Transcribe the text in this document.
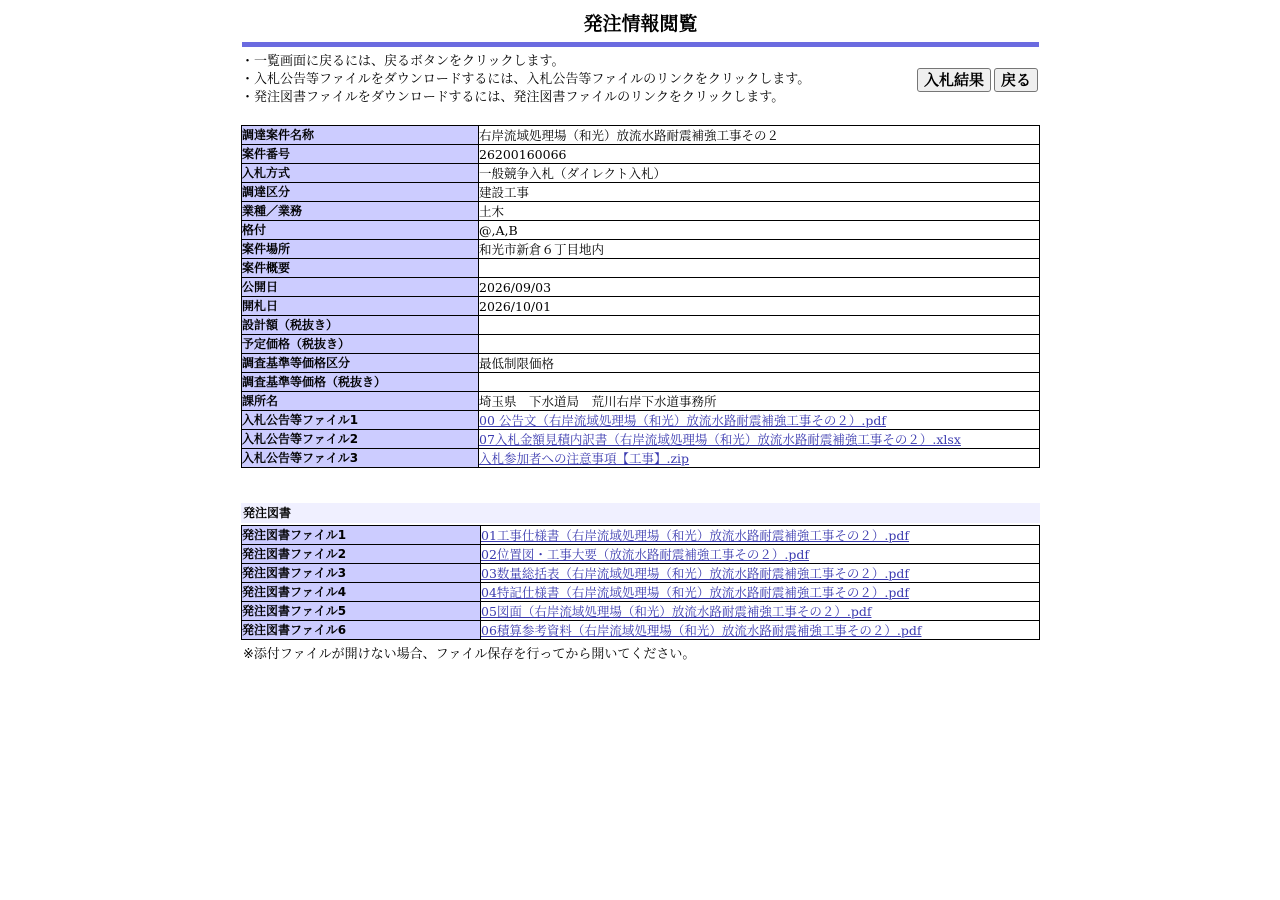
発注情報閲覧
・一覧画面に戻るには、戻るボタンをクリックします。
・入札公告等ファイルをダウンロードするには、入札公告等ファイルのリンクをクリックします。
・発注図書ファイルをダウンロードするには、発注図書ファイルのリンクをクリックします。
入札結果	戻る
調達案件名称	右岸流域処理場（和光）放流水路耐震補強工事その２
案件番号	26200160066
入札方式	一般競争入札（ダイレクト入札）
調達区分	建設工事
業種／業務	土木
格付	@,A,B
案件場所	和光市新倉６丁目地内
案件概要	
公開日	2026/09/03
開札日	2026/10/01
設計額（税抜き）	
予定価格（税抜き）	
調査基準等価格区分	最低制限価格
調査基準等価格（税抜き）	
課所名	埼玉県　下水道局　荒川右岸下水道事務所
入札公告等ファイル1	00 公告文（右岸流域処理場（和光）放流水路耐震補強工事その２）.pdf
入札公告等ファイル2	07入札金額見積内訳書（右岸流域処理場（和光）放流水路耐震補強工事その２）.xlsx
入札公告等ファイル3	入札参加者への注意事項【工事】.zip
発注図書
発注図書ファイル1	01工事仕様書（右岸流域処理場（和光）放流水路耐震補強工事その２）.pdf
発注図書ファイル2	02位置図・工事大要（放流水路耐震補強工事その２）.pdf
発注図書ファイル3	03数量総括表（右岸流域処理場（和光）放流水路耐震補強工事その２）.pdf
発注図書ファイル4	04特記仕様書（右岸流域処理場（和光）放流水路耐震補強工事その２）.pdf
発注図書ファイル5	05図面（右岸流域処理場（和光）放流水路耐震補強工事その２）.pdf
発注図書ファイル6	06積算参考資料（右岸流域処理場（和光）放流水路耐震補強工事その２）.pdf
※添付ファイルが開けない場合、ファイル保存を行ってから開いてください。
